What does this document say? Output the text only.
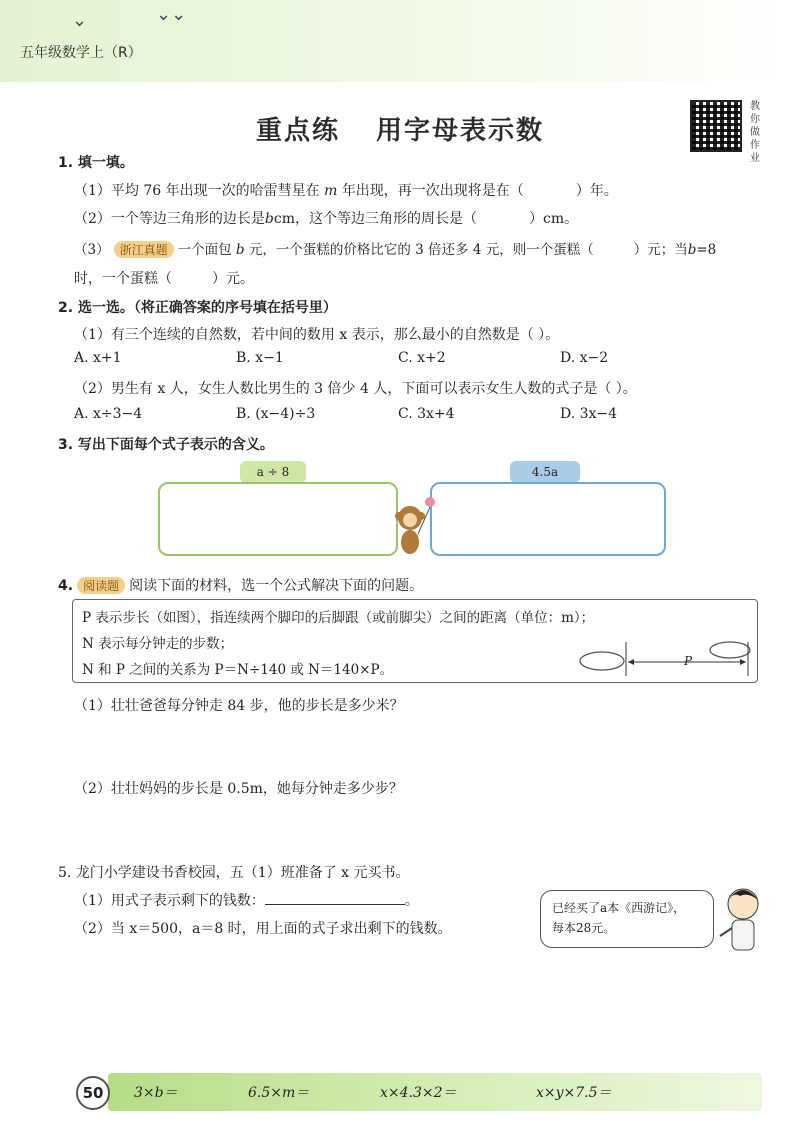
⌄	⌄⌄
五年级数学上（R）
重点练 用字母表示数
教你做作业
1. 填一填。
（1）平均 76 年出现一次的哈雷彗星在 m 年出现，再一次出现将是在（	）年。
（2）一个等边三角形的边长是bcm，这个等边三角形的周长是（	）cm。
（3） 浙江真题 一个面包 b 元，一个蛋糕的价格比它的 3 倍还多 4 元，则一个蛋糕（	）元；当b=8
时，一个蛋糕（	）元。
2. 选一选。（将正确答案的序号填在括号里）
（1）有三个连续的自然数，若中间的数用 x 表示，那么最小的自然数是（ ）。
A. x+1	B. x−1	C. x+2	D. x−2
（2）男生有 x 人，女生人数比男生的 3 倍少 4 人，下面可以表示女生人数的式子是（ ）。
A. x÷3−4	B. (x−4)÷3	C. 3x+4	D. 3x−4
3. 写出下面每个式子表示的含义。
a ÷ 8	4.5a
4. 阅读题 阅读下面的材料，选一个公式解决下面的问题。
P 表示步长（如图），指连续两个脚印的后脚跟（或前脚尖）之间的距离（单位：m）；
N 表示每分钟走的步数；
N 和 P 之间的关系为 P＝N÷140 或 N＝140×P。
P
（1）壮壮爸爸每分钟走 84 步，他的步长是多少米？
（2）壮壮妈妈的步长是 0.5m，她每分钟走多少步？
5. 龙门小学建设书香校园，五（1）班准备了 x 元买书。
（1）用式子表示剩下的钱数：	。
（2）当 x＝500，a＝8 时，用上面的式子求出剩下的钱数。
已经买了a本《西游记》，
每本28元。
50	3×b＝	6.5×m＝	x×4.3×2＝	x×y×7.5＝
